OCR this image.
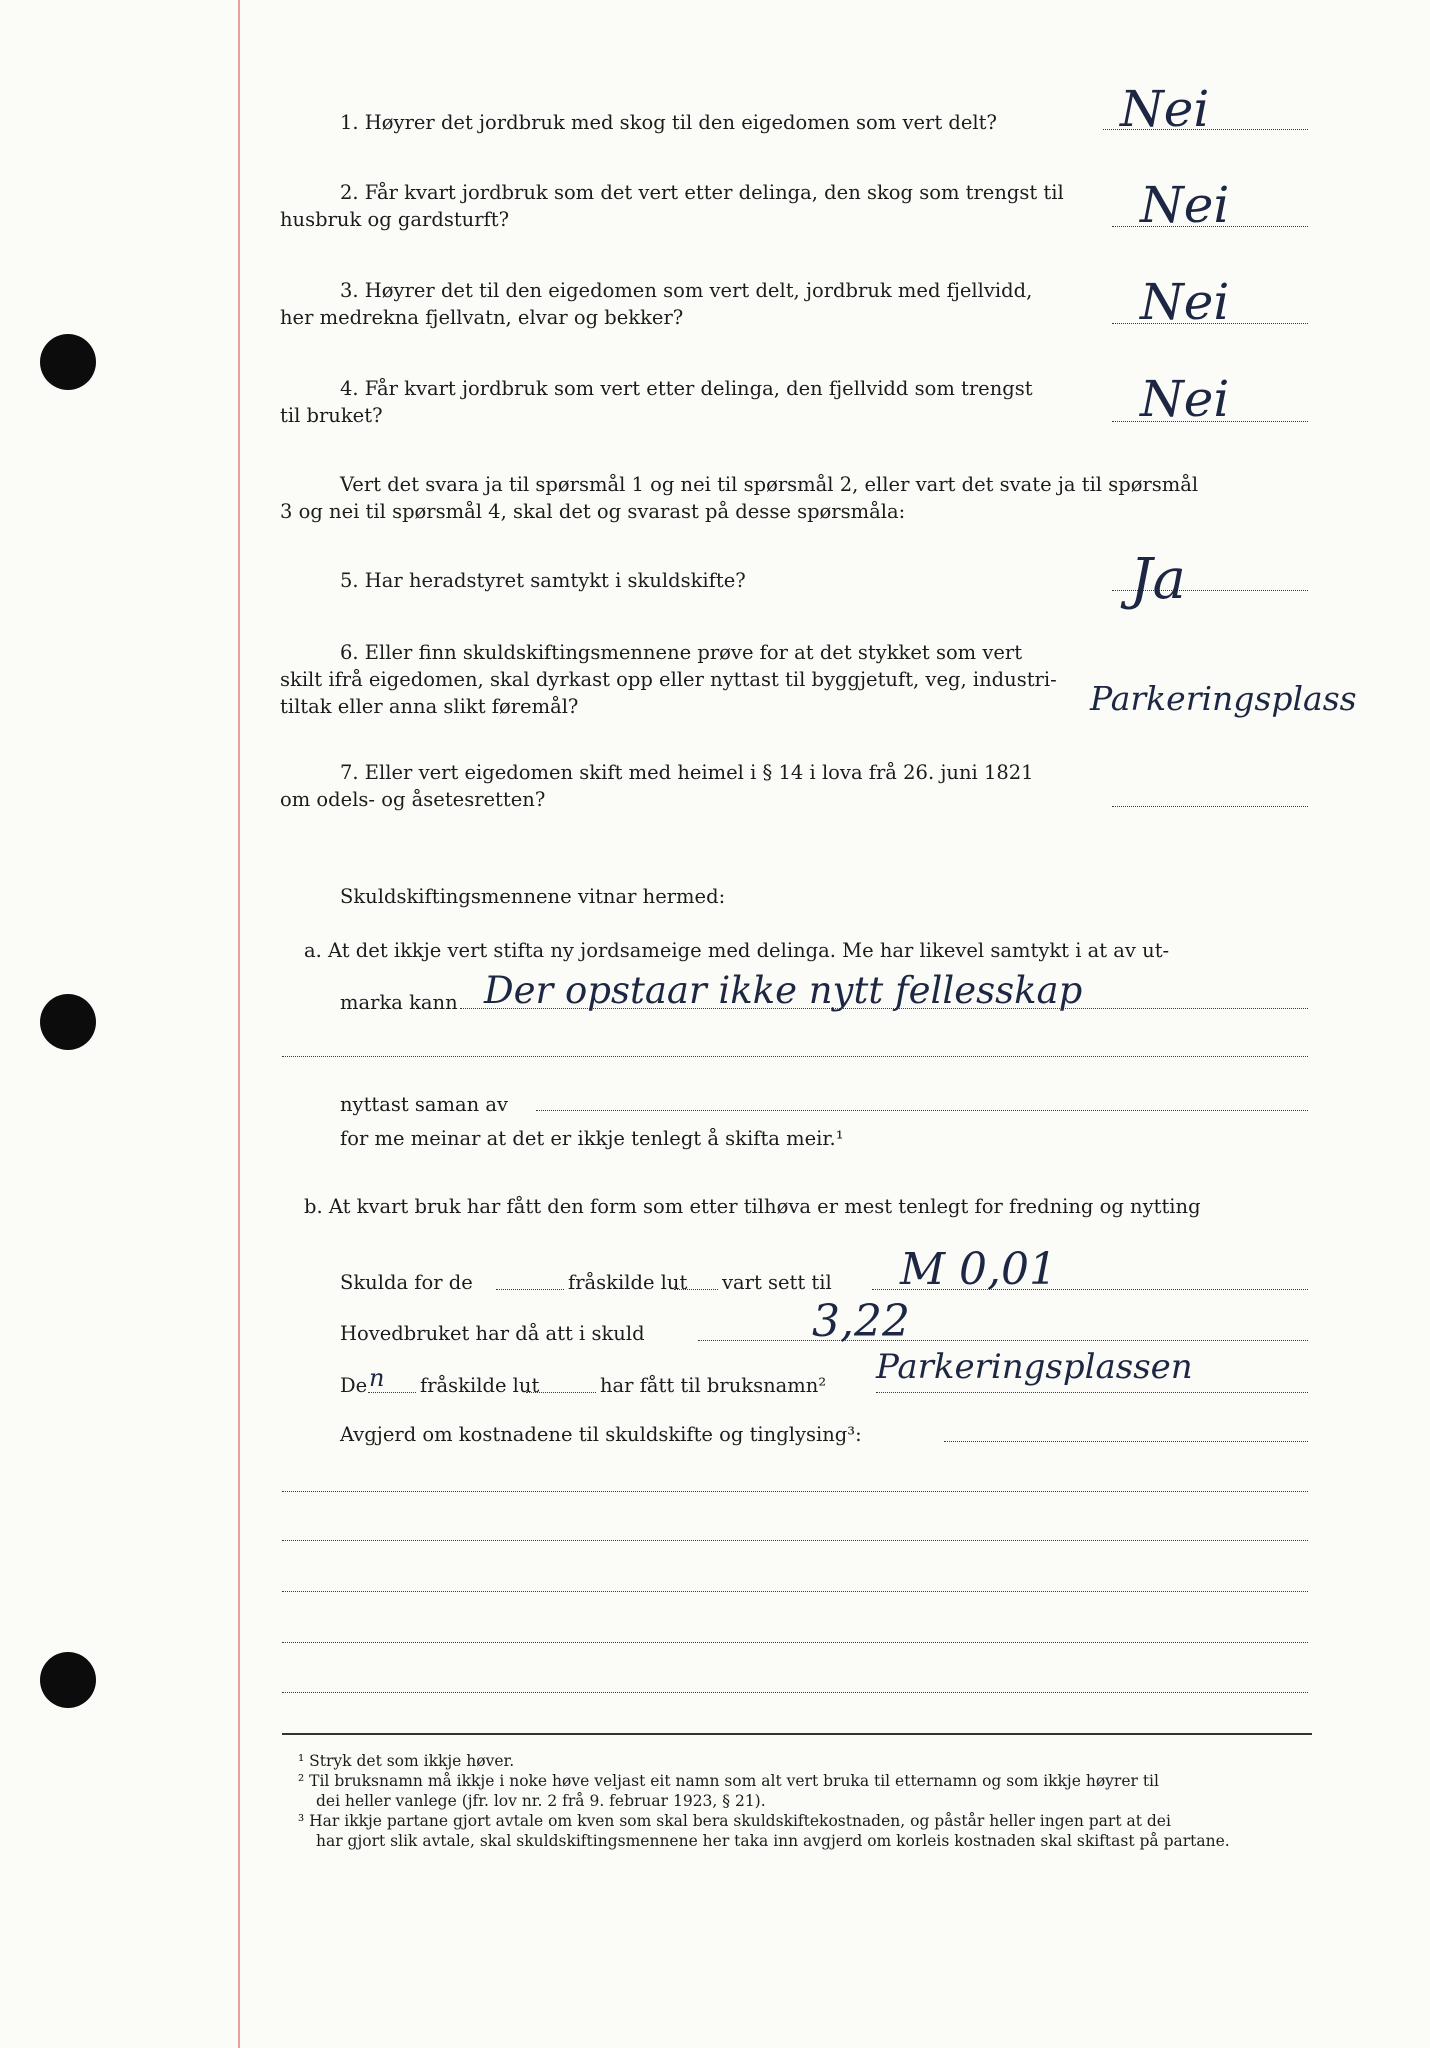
1. Høyrer det jordbruk med skog til den eigedomen som vert delt? Nei
2. Får kvart jordbruk som det vert etter delinga, den skog som trengst til
husbruk og gardsturft?	Nei
3. Høyrer det til den eigedomen som vert delt, jordbruk med fjellvidd,
her medrekna fjellvatn, elvar og bekker?	Nei
4. Får kvart jordbruk som vert etter delinga, den fjellvidd som trengst
til bruket?	Nei
Vert det svara ja til spørsmål 1 og nei til spørsmål 2, eller vart det svate ja til spørsmål
3 og nei til spørsmål 4, skal det og svarast på desse spørsmåla:
5. Har heradstyret samtykt i skuldskifte?	Ja
6. Eller finn skuldskiftingsmennene prøve for at det stykket som vert
skilt ifrå eigedomen, skal dyrkast opp eller nyttast til byggjetuft, veg, industri-
tiltak eller anna slikt føremål?	Parkeringsplass
7. Eller vert eigedomen skift med heimel i § 14 i lova frå 26. juni 1821
om odels- og åsetesretten?
Skuldskiftingsmennene vitnar hermed:
a. At det ikkje vert stifta ny jordsameige med delinga. Me har likevel samtykt i at av ut-
marka kann Der opstaar ikke nytt fellesskap
nyttast saman av
for me meinar at det er ikkje tenlegt å skifta meir.¹
b. At kvart bruk har fått den form som etter tilhøva er mest tenlegt for fredning og nytting
Skulda for de	fråskilde lut vart sett til M 0,01
Hovedbruket har då att i skuld	3,22
De n fråskilde lut	har fått til bruksnamn² Parkeringsplassen
Avgjerd om kostnadene til skuldskifte og tinglysing³:
¹ Stryk det som ikkje høver.
² Til bruksnamn må ikkje i noke høve veljast eit namn som alt vert bruka til etternamn og som ikkje høyrer til
dei heller vanlege (jfr. lov nr. 2 frå 9. februar 1923, § 21).
³ Har ikkje partane gjort avtale om kven som skal bera skuldskiftekostnaden, og påstår heller ingen part at dei
har gjort slik avtale, skal skuldskiftingsmennene her taka inn avgjerd om korleis kostnaden skal skiftast på partane.
